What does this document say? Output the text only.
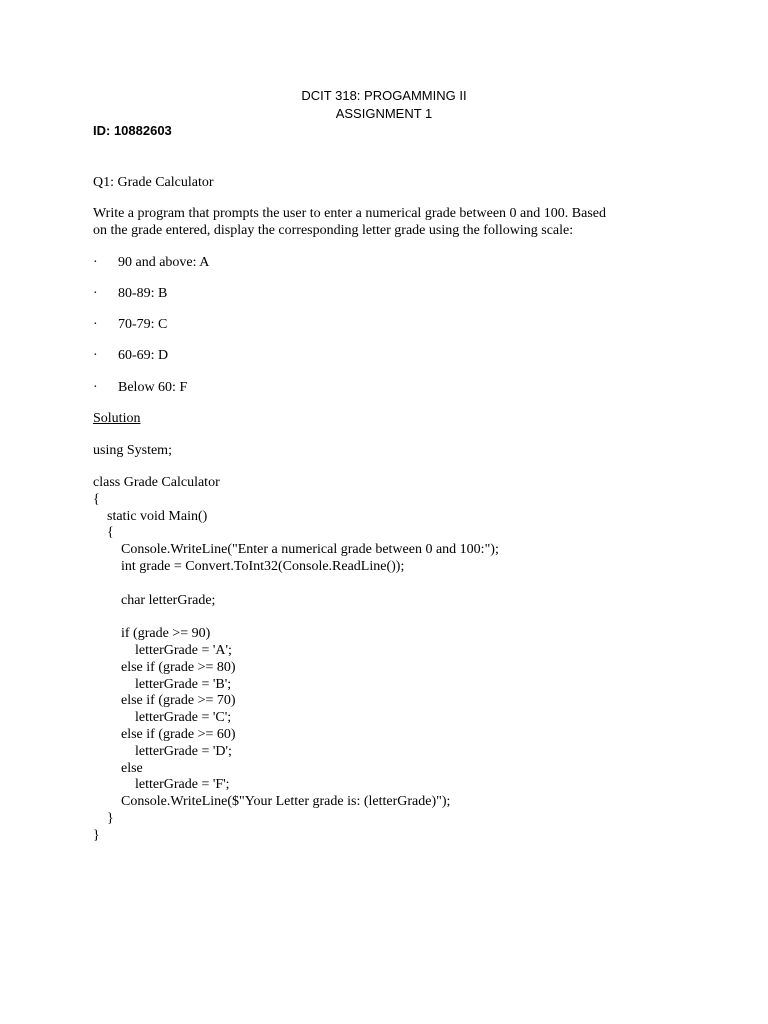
DCIT 318: PROGAMMING II
ASSIGNMENT 1
ID: 10882603
Q1: Grade Calculator
Write a program that prompts the user to enter a numerical grade between 0 and 100. Based
on the grade entered, display the corresponding letter grade using the following scale:
· 90 and above: A
· 80-89: B
· 70-79: C
· 60-69: D
· Below 60: F
Solution
using System;
class Grade Calculator
{
static void Main()
{
Console.WriteLine("Enter a numerical grade between 0 and 100:");
int grade = Convert.ToInt32(Console.ReadLine());
char letterGrade;
if (grade >= 90)
letterGrade = 'A';
else if (grade >= 80)
letterGrade = 'B';
else if (grade >= 70)
letterGrade = 'C';
else if (grade >= 60)
letterGrade = 'D';
else
letterGrade = 'F';
Console.WriteLine($"Your Letter grade is: (letterGrade)");
}
}
